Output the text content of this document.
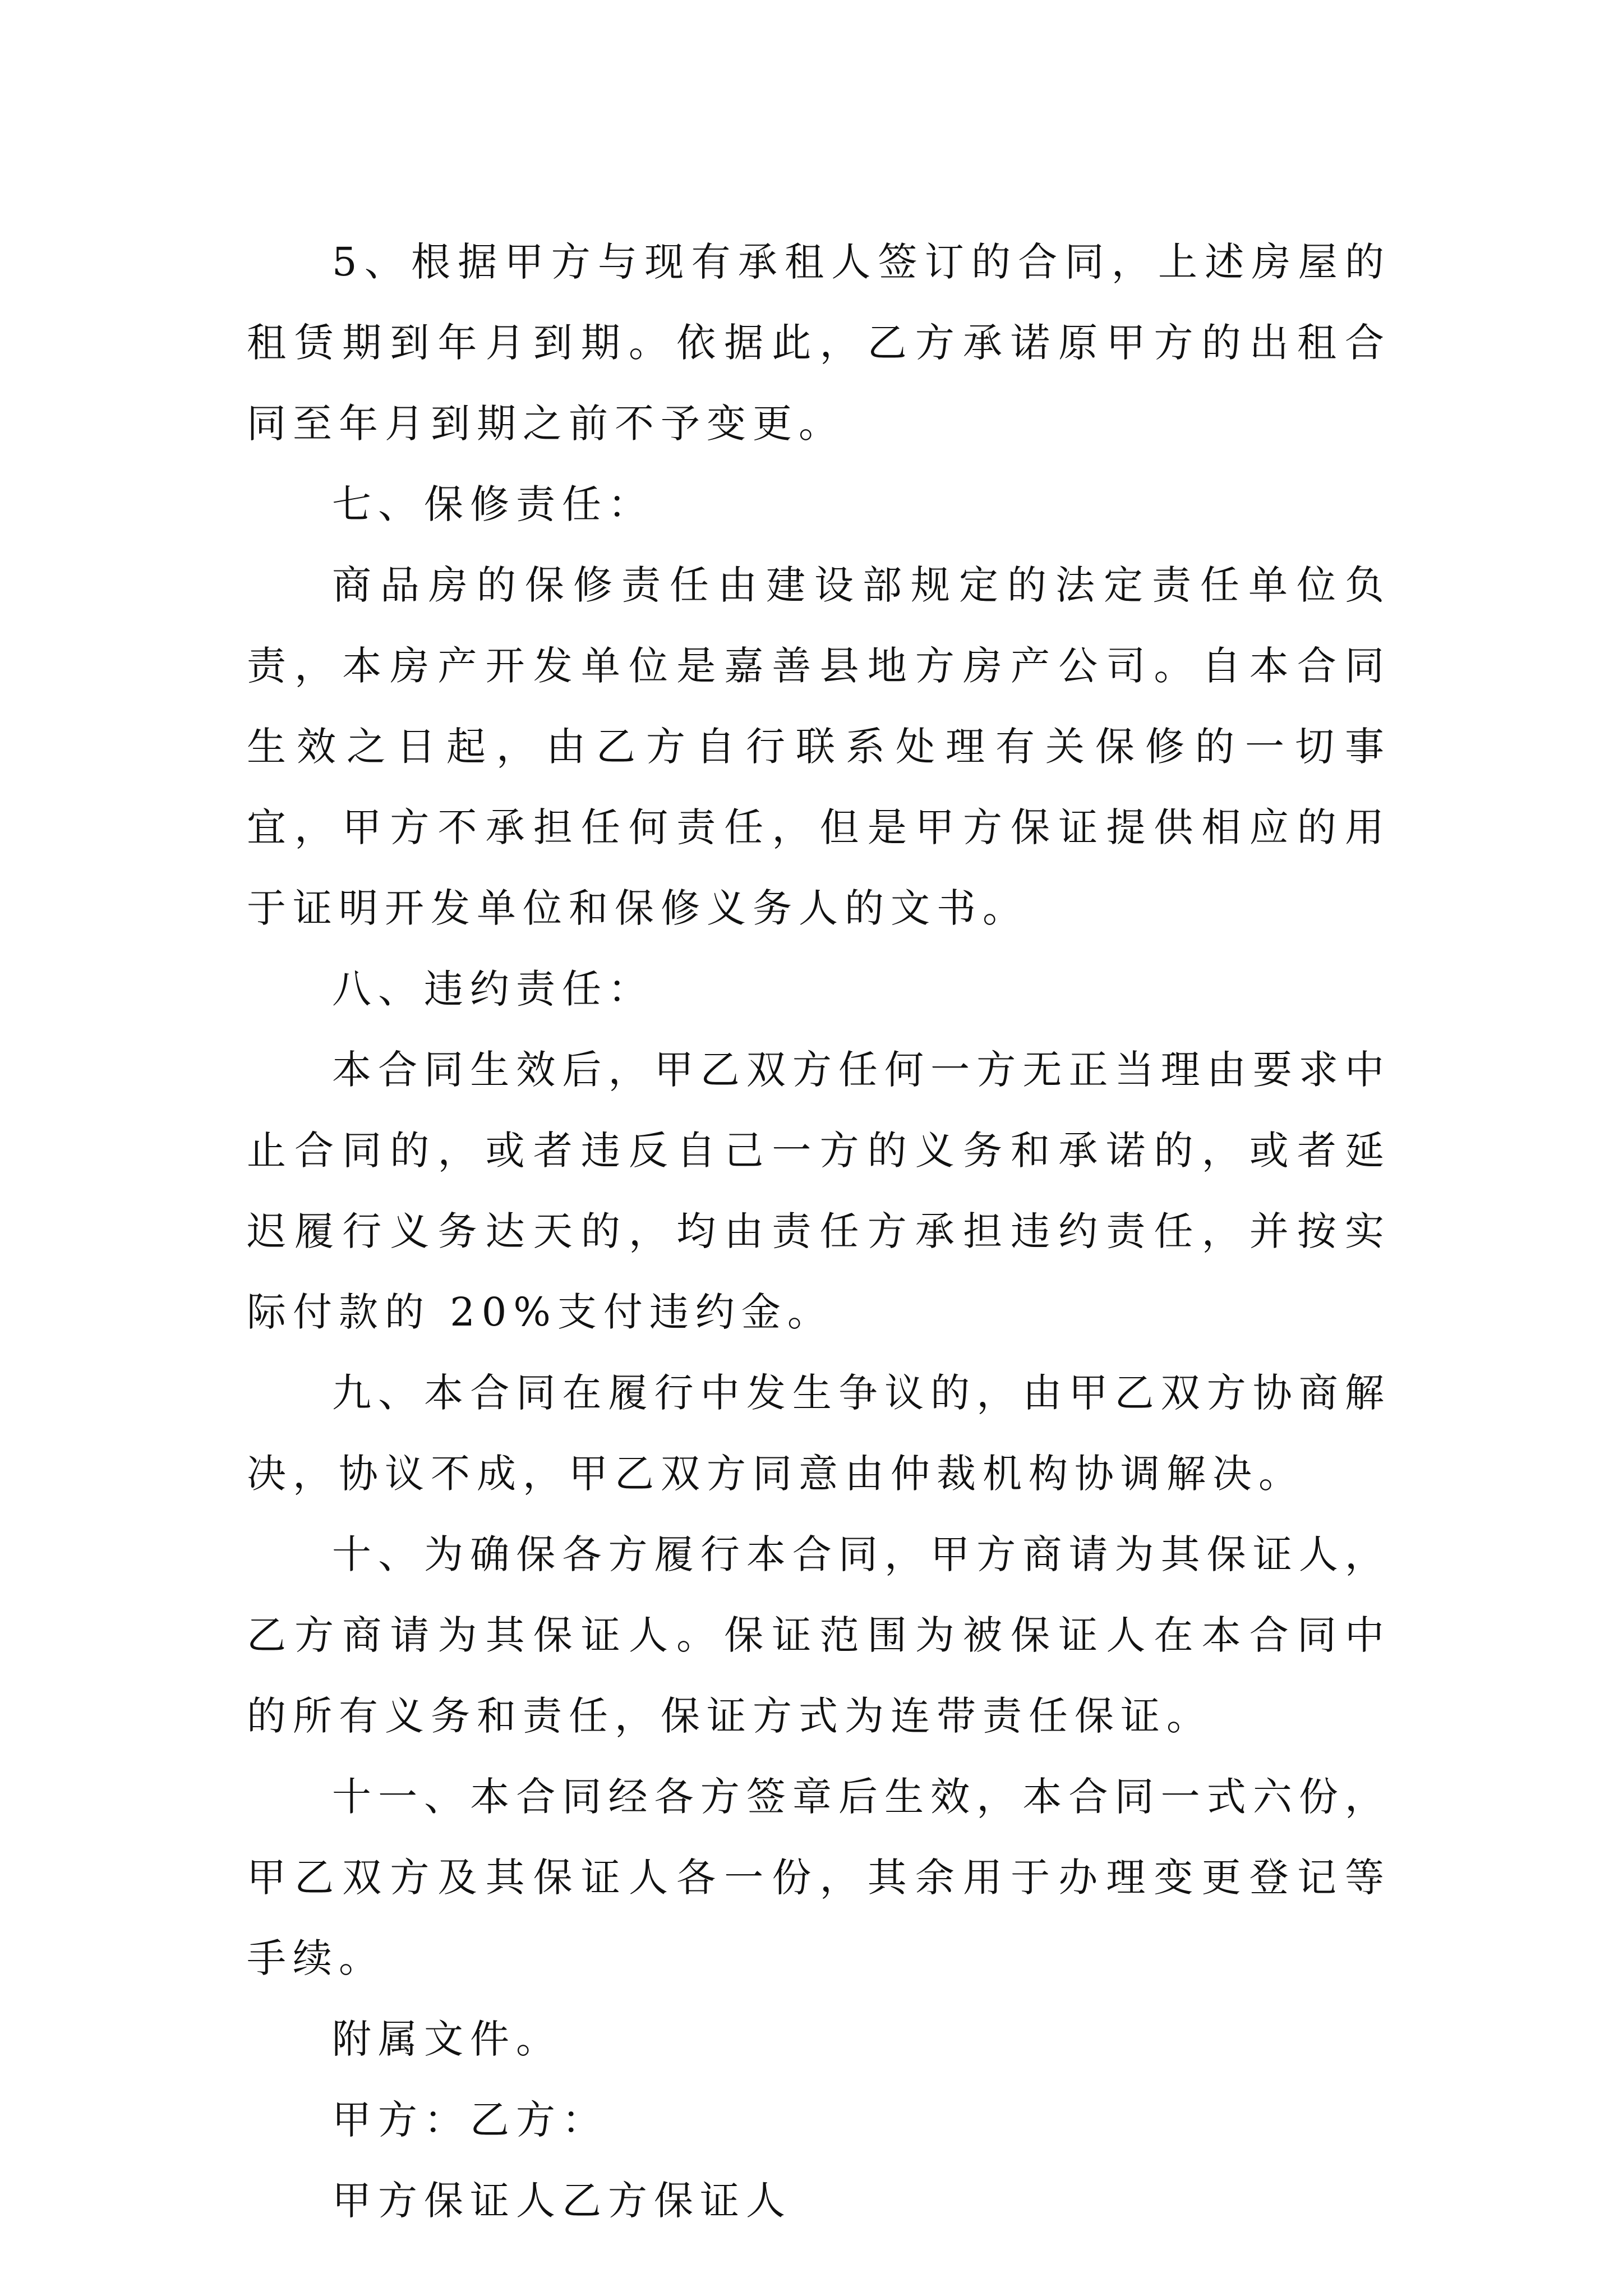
5、根据甲方与现有承租人签订的合同，上述房屋的租赁期到年月到期。依据此，乙方承诺原甲方的出租合同至年月到期之前不予变更。

七、保修责任：

商品房的保修责任由建设部规定的法定责任单位负责，本房产开发单位是嘉善县地方房产公司。自本合同生效之日起，由乙方自行联系处理有关保修的一切事宜，甲方不承担任何责任，但是甲方保证提供相应的用于证明开发单位和保修义务人的文书。

八、违约责任：

本合同生效后，甲乙双方任何一方无正当理由要求中止合同的，或者违反自己一方的义务和承诺的，或者延迟履行义务达天的，均由责任方承担违约责任，并按实际付款的 20%支付违约金。

九、本合同在履行中发生争议的，由甲乙双方协商解决，协议不成，甲乙双方同意由仲裁机构协调解决。

十、为确保各方履行本合同，甲方商请为其保证人，乙方商请为其保证人。保证范围为被保证人在本合同中的所有义务和责任，保证方式为连带责任保证。

十一、本合同经各方签章后生效，本合同一式六份，甲乙双方及其保证人各一份，其余用于办理变更登记等手续。

附属文件。

甲方：乙方：

甲方保证人乙方保证人
